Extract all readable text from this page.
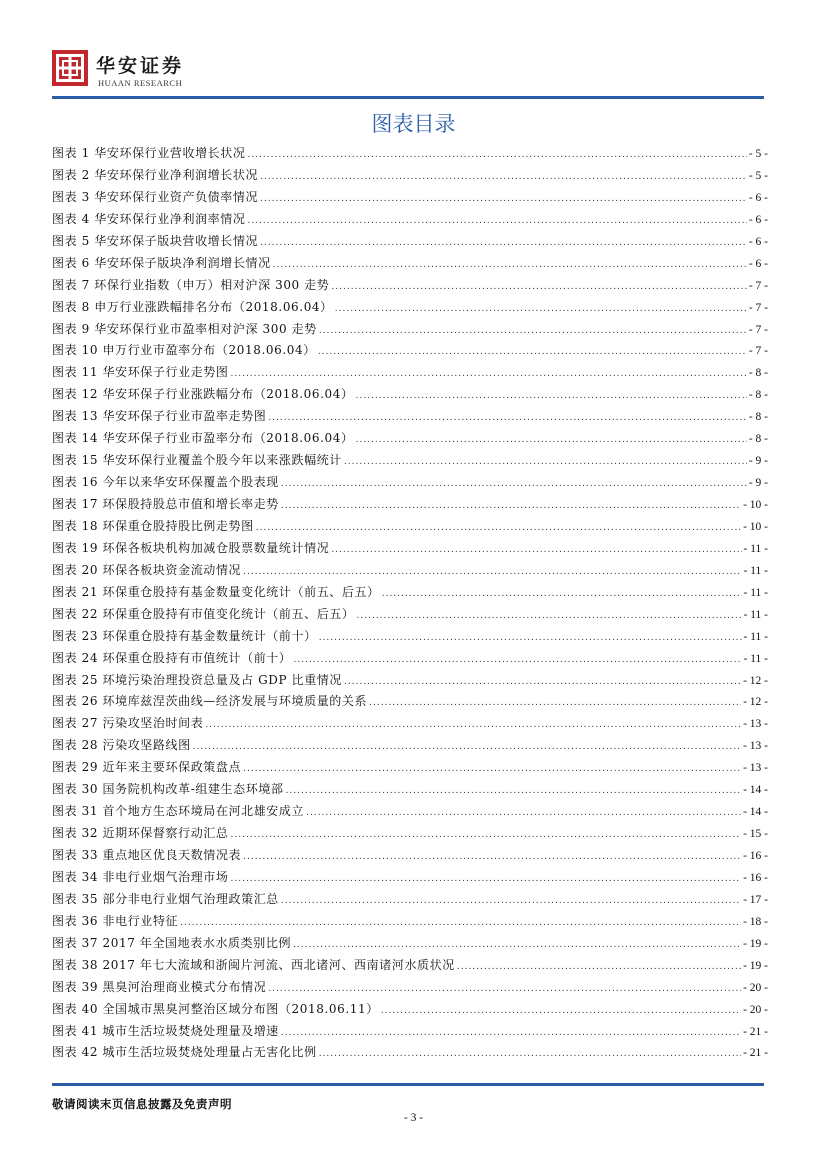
华安证券
HUAAN RESEARCH
图表目录
图表 1 华安环保行业营收增长状况 .....	- 5 -
图表 2 华安环保行业净利润增长状况 .....	- 5 -
图表 3 华安环保行业资产负债率情况 .....	- 6 -
图表 4 华安环保行业净利润率情况 .....	- 6 -
图表 5 华安环保子版块营收增长情况 .....	- 6 -
图表 6 华安环保子版块净利润增长情况 .....	- 6 -
图表 7 环保行业指数（申万）相对沪深 300 走势 .....	- 7 -
图表 8 申万行业涨跌幅排名分布（2018.06.04） .....	- 7 -
图表 9 华安环保行业市盈率相对沪深 300 走势 .....	- 7 -
图表 10 申万行业市盈率分布（2018.06.04） .....	- 7 -
图表 11 华安环保子行业走势图 .....	- 8 -
图表 12 华安环保子行业涨跌幅分布（2018.06.04） .....	- 8 -
图表 13 华安环保子行业市盈率走势图 .....	- 8 -
图表 14 华安环保子行业市盈率分布（2018.06.04） .....	- 8 -
图表 15 华安环保行业覆盖个股今年以来涨跌幅统计 .....	- 9 -
图表 16 今年以来华安环保覆盖个股表现 .....	- 9 -
图表 17 环保股持股总市值和增长率走势 .....	- 10 -
图表 18 环保重仓股持股比例走势图 .....	- 10 -
图表 19 环保各板块机构加减仓股票数量统计情况 .....	- 11 -
图表 20 环保各板块资金流动情况 .....	- 11 -
图表 21 环保重仓股持有基金数量变化统计（前五、后五） .....	- 11 -
图表 22 环保重仓股持有市值变化统计（前五、后五） .....	- 11 -
图表 23 环保重仓股持有基金数量统计（前十） .....	- 11 -
图表 24 环保重仓股持有市值统计（前十） .....	- 11 -
图表 25 环境污染治理投资总量及占 GDP 比重情况 .....	- 12 -
图表 26 环境库兹涅茨曲线—经济发展与环境质量的关系 .....	- 12 -
图表 27 污染攻坚治时间表 .....	- 13 -
图表 28 污染攻坚路线图 .....	- 13 -
图表 29 近年来主要环保政策盘点 .....	- 13 -
图表 30 国务院机构改革-组建生态环境部 .....	- 14 -
图表 31 首个地方生态环境局在河北雄安成立 .....	- 14 -
图表 32 近期环保督察行动汇总 .....	- 15 -
图表 33 重点地区优良天数情况表 .....	- 16 -
图表 34 非电行业烟气治理市场 .....	- 16 -
图表 35 部分非电行业烟气治理政策汇总 .....	- 17 -
图表 36 非电行业特征 .....	- 18 -
图表 37 2017 年全国地表水水质类别比例 .....	- 19 -
图表 38 2017 年七大流域和浙闽片河流、西北诸河、西南诸河水质状况 .....	- 19 -
图表 39 黑臭河治理商业模式分布情况 .....	- 20 -
图表 40 全国城市黑臭河整治区域分布图（2018.06.11） .....	- 20 -
图表 41 城市生活垃圾焚烧处理量及增速 .....	- 21 -
图表 42 城市生活垃圾焚烧处理量占无害化比例 .....	- 21 -
敬请阅读末页信息披露及免责声明
- 3 -
